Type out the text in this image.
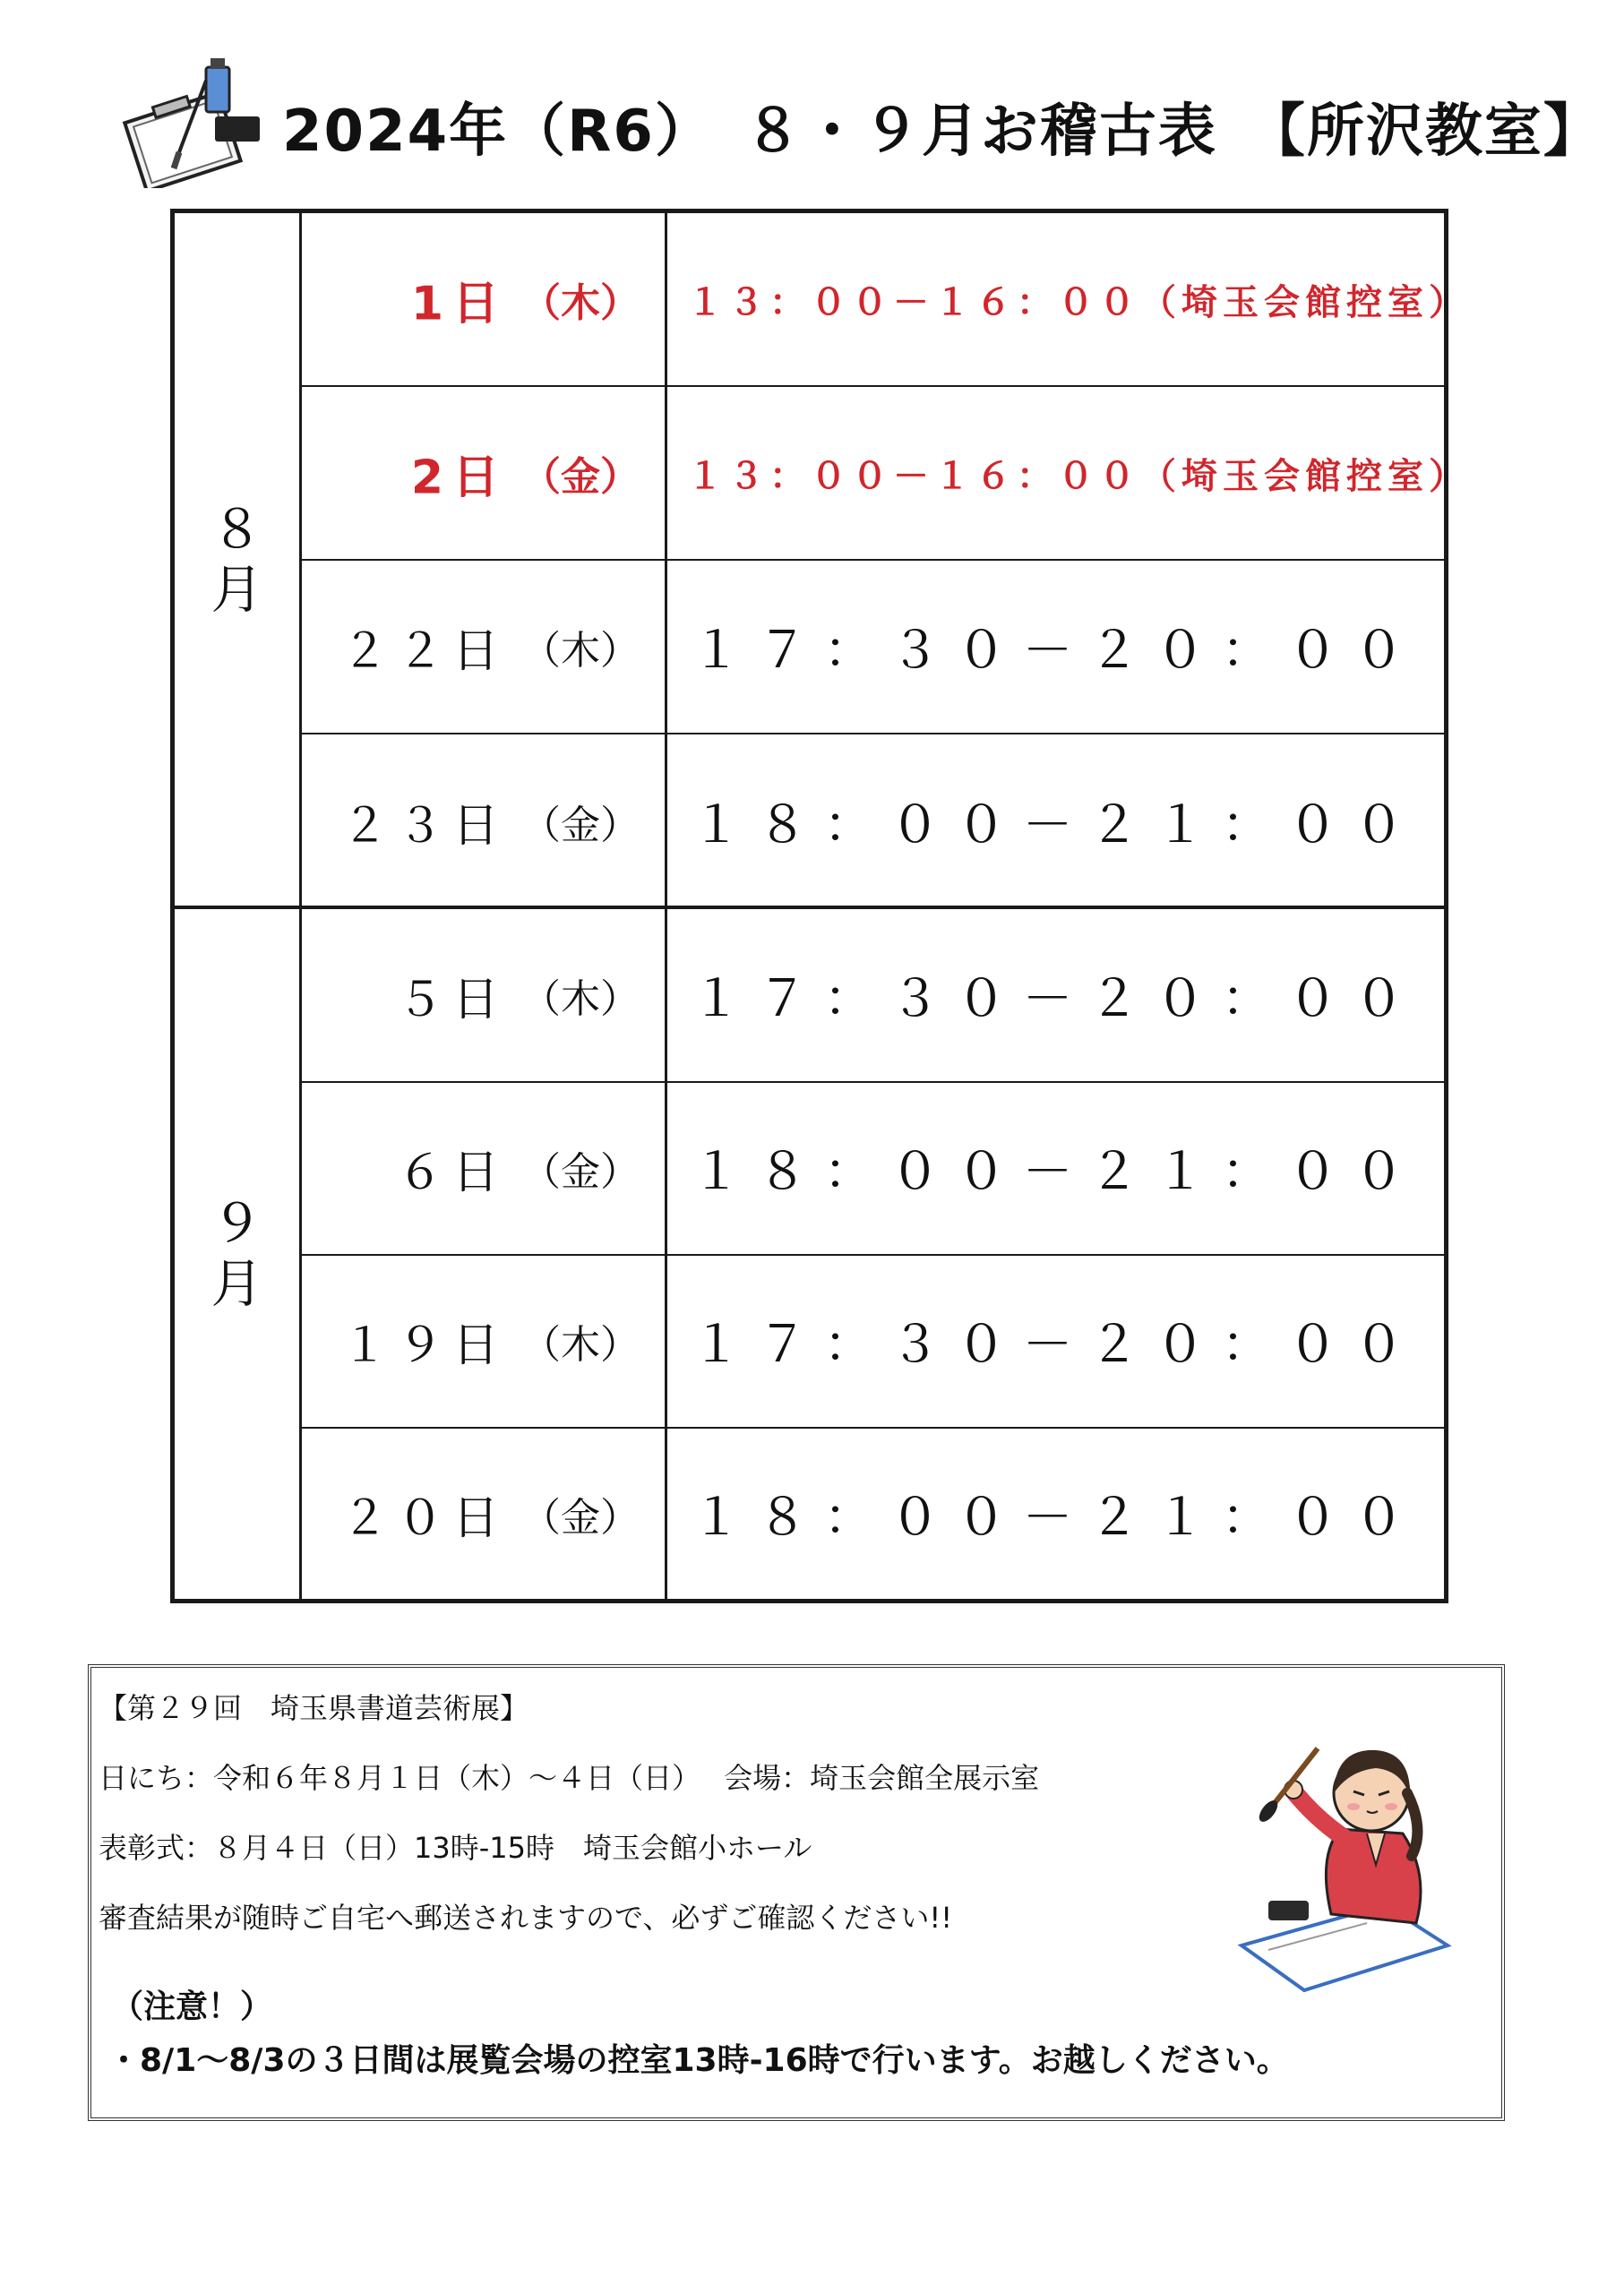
2024年（R6）　８・９月お稽古表　【所沢教室】
８月
1日 （木）	１３：００－１６：００（埼玉会館控室）
2日 （金）	１３：００－１６：００（埼玉会館控室）
２２日 （木）	１７：３０－２０：００
２３日 （金）	１８：００－２１：００
９月
５日 （木）	１７：３０－２０：００
６日 （金）	１８：００－２１：００
１９日 （木）	１７：３０－２０：００
２０日 （金）	１８：００－２１：００

【第２９回　埼玉県書道芸術展】

日にち：令和６年８月１日（木）～４日（日）　 会場：埼玉会館全展示室

表彰式：８月４日（日）13時-15時　埼玉会館小ホール

審査結果が随時ご自宅へ郵送されますので、必ずご確認ください!!

（注意！）

・8/1～8/3の３日間は展覧会場の控室13時-16時で行います。お越しください。
